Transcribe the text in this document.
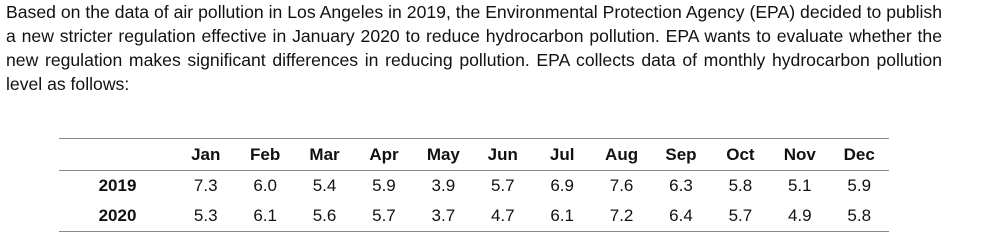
Based on the data of air pollution in Los Angeles in 2019, the Environmental Protection Agency (EPA) decided to publish a new stricter regulation effective in January 2020 to reduce hydrocarbon pollution. EPA wants to evaluate whether the new regulation makes significant differences in reducing pollution. EPA collects data of monthly hydrocarbon pollution level as follows:

	Jan	Feb	Mar	Apr	May	Jun	Jul	Aug	Sep	Oct	Nov	Dec
2019	7.3	6.0	5.4	5.9	3.9	5.7	6.9	7.6	6.3	5.8	5.1	5.9
2020	5.3	6.1	5.6	5.7	3.7	4.7	6.1	7.2	6.4	5.7	4.9	5.8
